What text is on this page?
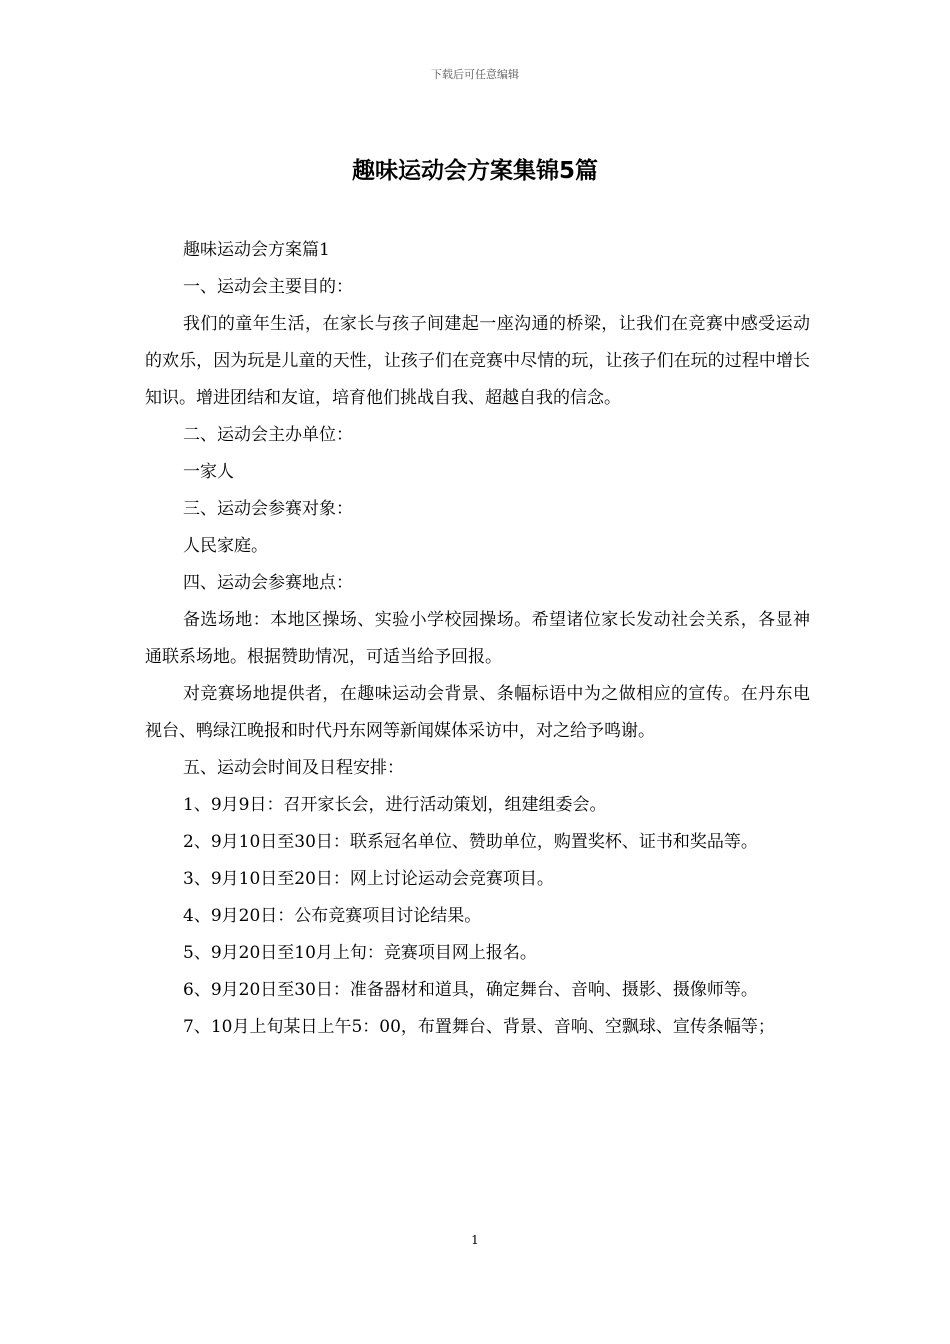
下载后可任意编辑
趣味运动会方案集锦5篇

趣味运动会方案篇1

一、运动会主要目的：

我们的童年生活，在家长与孩子间建起一座沟通的桥梁，让我们在竞赛中感受运动的欢乐，因为玩是儿童的天性，让孩子们在竞赛中尽情的玩，让孩子们在玩的过程中增长知识。增进团结和友谊，培育他们挑战自我、超越自我的信念。

二、运动会主办单位：

一家人

三、运动会参赛对象：

人民家庭。

四、运动会参赛地点：

备选场地：本地区操场、实验小学校园操场。希望诸位家长发动社会关系，各显神通联系场地。根据赞助情况，可适当给予回报。

对竞赛场地提供者，在趣味运动会背景、条幅标语中为之做相应的宣传。在丹东电视台、鸭绿江晚报和时代丹东网等新闻媒体采访中，对之给予鸣谢。

五、运动会时间及日程安排：

1、9月9日：召开家长会，进行活动策划，组建组委会。

2、9月10日至30日：联系冠名单位、赞助单位，购置奖杯、证书和奖品等。

3、9月10日至20日：网上讨论运动会竞赛项目。

4、9月20日：公布竞赛项目讨论结果。

5、9月20日至10月上旬：竞赛项目网上报名。

6、9月20日至30日：准备器材和道具，确定舞台、音响、摄影、摄像师等。

7、10月上旬某日上午5：00，布置舞台、背景、音响、空飘球、宣传条幅等；

1
